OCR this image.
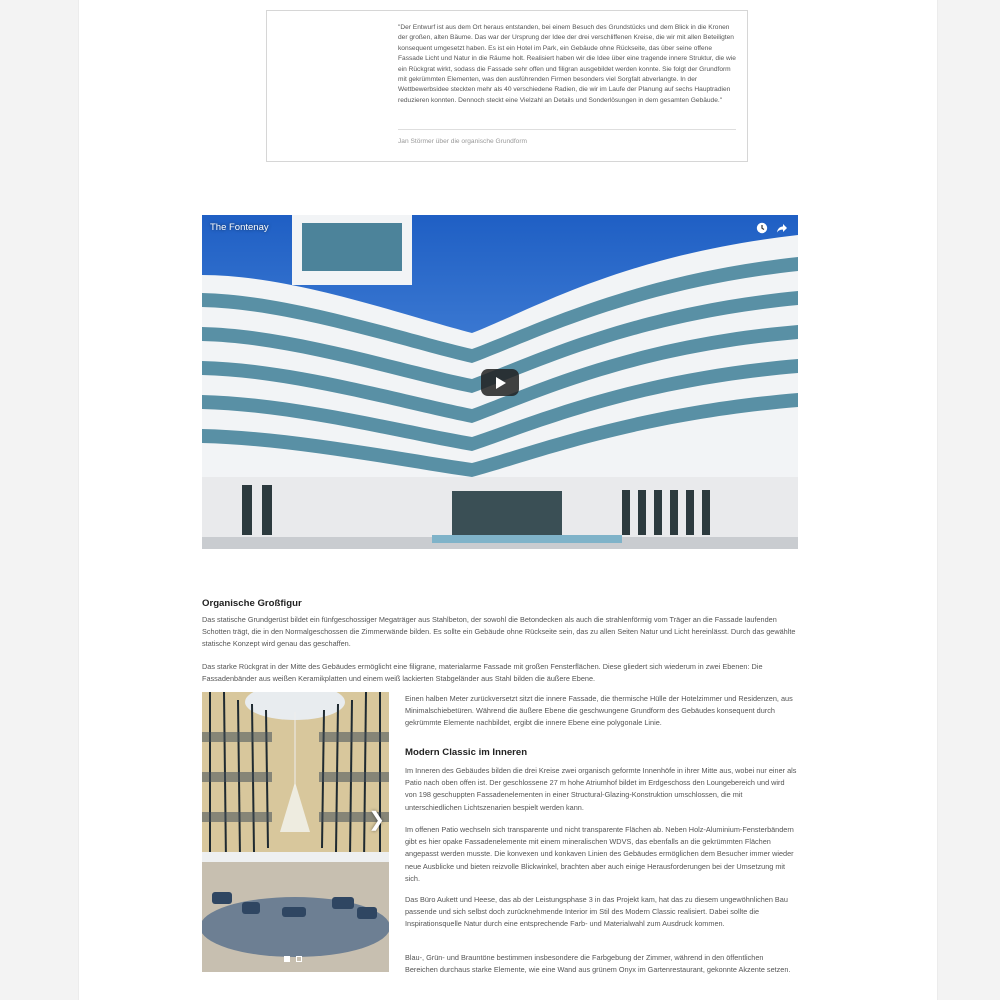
"Der Entwurf ist aus dem Ort heraus entstanden, bei einem Besuch des Grundstücks und dem Blick in die Kronen der großen, alten Bäume. Das war der Ursprung der Idee der drei verschliffenen Kreise, die wir mit allen Beteiligten konsequent umgesetzt haben. Es ist ein Hotel im Park, ein Gebäude ohne Rückseite, das über seine offene Fassade Licht und Natur in die Räume holt. Realisiert haben wir die Idee über eine tragende innere Struktur, die wie ein Rückgrat wirkt, sodass die Fassade sehr offen und filigran ausgebildet werden konnte. Sie folgt der Grundform mit gekrümmten Elementen, was den ausführenden Firmen besonders viel Sorgfalt abverlangte. In der Wettbewerbsidee steckten mehr als 40 verschiedene Radien, die wir im Laufe der Planung auf sechs Hauptradien reduzieren konnten. Dennoch steckt eine Vielzahl an Details und Sonderlösungen in dem gesamten Gebäude."
Jan Störmer über die organische Grundform
The Fontenay
Organische Großfigur
Das statische Grundgerüst bildet ein fünfgeschossiger Megaträger aus Stahlbeton, der sowohl die Betondecken als auch die strahlenförmig vom Träger an die Fassade laufenden Schotten trägt, die in den Normalgeschossen die Zimmerwände bilden. Es sollte ein Gebäude ohne Rückseite sein, das zu allen Seiten Natur und Licht hereinlässt. Durch das gewählte statische Konzept wird genau das geschaffen.
Das starke Rückgrat in der Mitte des Gebäudes ermöglicht eine filigrane, materialarme Fassade mit großen Fensterflächen. Diese gliedert sich wiederum in zwei Ebenen: Die Fassadenbänder aus weißen Keramikplatten und einem weiß lackierten Stabgeländer aus Stahl bilden die äußere Ebene.
❯
Einen halben Meter zurückversetzt sitzt die innere Fassade, die thermische Hülle der Hotelzimmer und Residenzen, aus Minimalschiebetüren. Während die äußere Ebene die geschwungene Grundform des Gebäudes konsequent durch gekrümmte Elemente nachbildet, ergibt die innere Ebene eine polygonale Linie.
Modern Classic im Inneren
Im Inneren des Gebäudes bilden die drei Kreise zwei organisch geformte Innenhöfe in ihrer Mitte aus, wobei nur einer als Patio nach oben offen ist. Der geschlossene 27 m hohe Atriumhof bildet im Erdgeschoss den Loungebereich und wird von 198 geschuppten Fassadenelementen in einer Structural-Glazing-Konstruktion umschlossen, die mit unterschiedlichen Lichtszenarien bespielt werden kann.
Im offenen Patio wechseln sich transparente und nicht transparente Flächen ab. Neben Holz-Aluminium-Fensterbändern gibt es hier opake Fassadenelemente mit einem mineralischen WDVS, das ebenfalls an die gekrümmten Flächen angepasst werden musste. Die konvexen und konkaven Linien des Gebäudes ermöglichen dem Besucher immer wieder neue Ausblicke und bieten reizvolle Blickwinkel, brachten aber auch einige Herausforderungen bei der Umsetzung mit sich.
Das Büro Aukett und Heese, das ab der Leistungsphase 3 in das Projekt kam, hat das zu diesem ungewöhnlichen Bau passende und sich selbst doch zurücknehmende Interior im Stil des Modern Classic realisiert. Dabei sollte die Inspirationsquelle Natur durch eine entsprechende Farb- und Materialwahl zum Ausdruck kommen.
Blau-, Grün- und Brauntöne bestimmen insbesondere die Farbgebung der Zimmer, während in den öffentlichen Bereichen durchaus starke Elemente, wie eine Wand aus grünem Onyx im Gartenrestaurant, gekonnte Akzente setzen.
